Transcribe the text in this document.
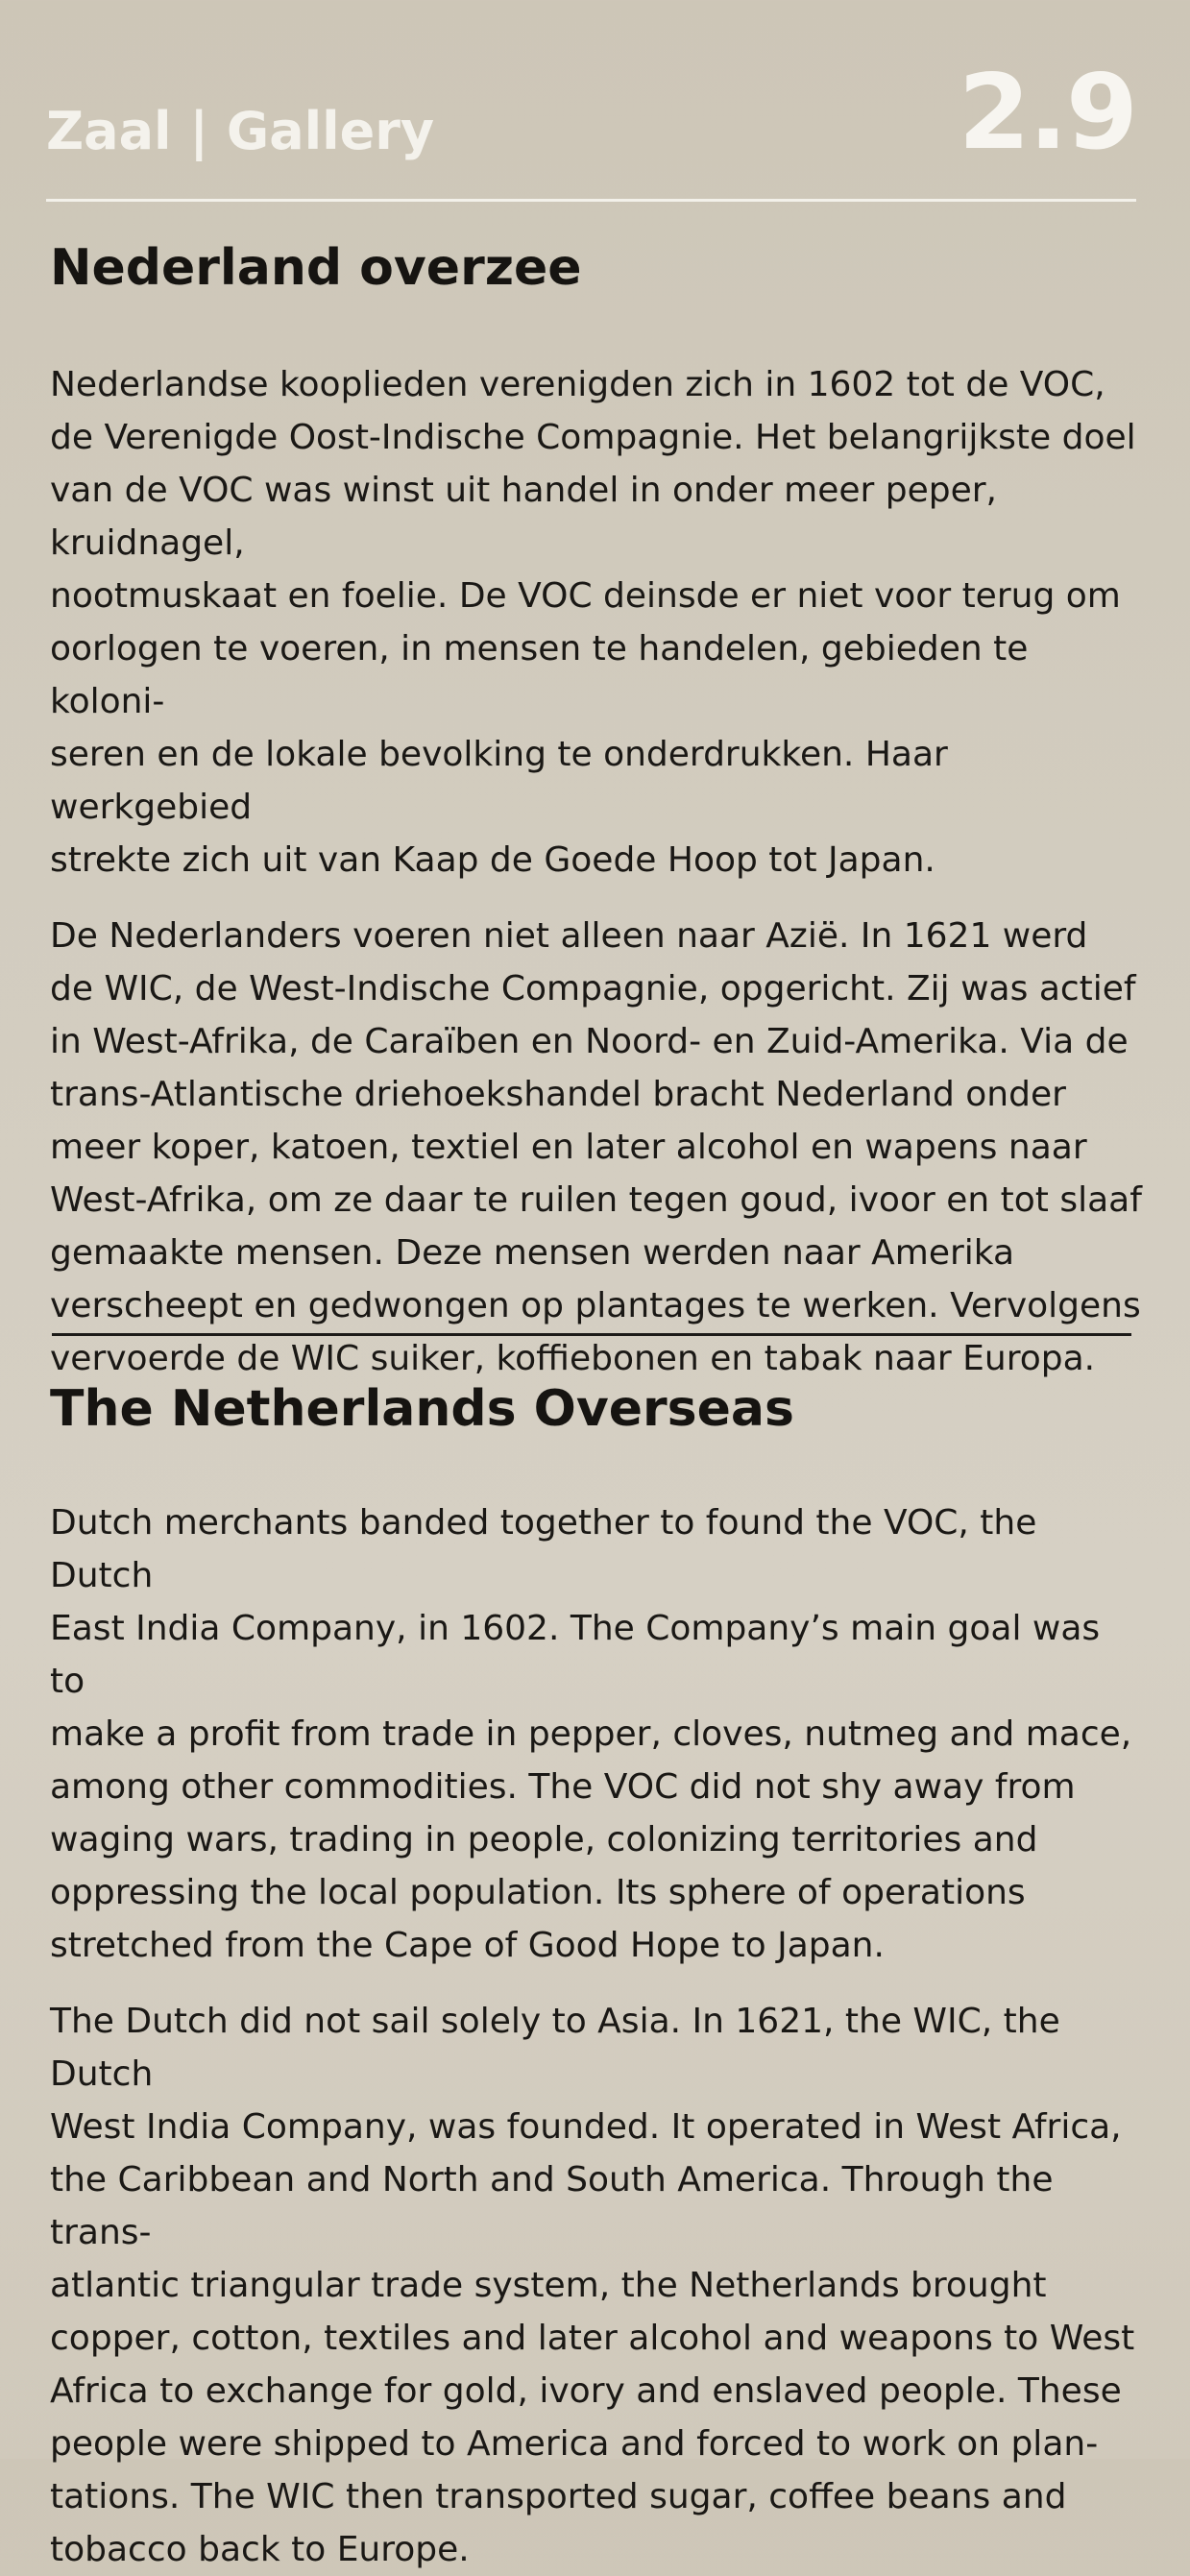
Zaal | Gallery	2.9
Nederland overzee

Nederlandse kooplieden verenigden zich in 1602 tot de VOC,
de Verenigde Oost-Indische Compagnie. Het belangrijkste doel
van de VOC was winst uit handel in onder meer peper, kruidnagel,
nootmuskaat en foelie. De VOC deinsde er niet voor terug om
oorlogen te voeren, in mensen te handelen, gebieden te koloni-
seren en de lokale bevolking te onderdrukken. Haar werkgebied
strekte zich uit van Kaap de Goede Hoop tot Japan.

De Nederlanders voeren niet alleen naar Azië. In 1621 werd
de WIC, de West-Indische Compagnie, opgericht. Zij was actief
in West-Afrika, de Caraïben en Noord- en Zuid-Amerika. Via de
trans-Atlantische driehoekshandel bracht Nederland onder
meer koper, katoen, textiel en later alcohol en wapens naar
West-Afrika, om ze daar te ruilen tegen goud, ivoor en tot slaaf
gemaakte mensen. Deze mensen werden naar Amerika
verscheept en gedwongen op plantages te werken. Vervolgens
vervoerde de WIC suiker, koffiebonen en tabak naar Europa.

The Netherlands Overseas

Dutch merchants banded together to found the VOC, the Dutch
East India Company, in 1602. The Company’s main goal was to
make a profit from trade in pepper, cloves, nutmeg and mace,
among other commodities. The VOC did not shy away from
waging wars, trading in people, colonizing territories and
oppressing the local population. Its sphere of operations
stretched from the Cape of Good Hope to Japan.

The Dutch did not sail solely to Asia. In 1621, the WIC, the Dutch
West India Company, was founded. It operated in West Africa,
the Caribbean and North and South America. Through the trans-
atlantic triangular trade system, the Netherlands brought
copper, cotton, textiles and later alcohol and weapons to West
Africa to exchange for gold, ivory and enslaved people. These
people were shipped to America and forced to work on plan-
tations. The WIC then transported sugar, coffee beans and
tobacco back to Europe.
